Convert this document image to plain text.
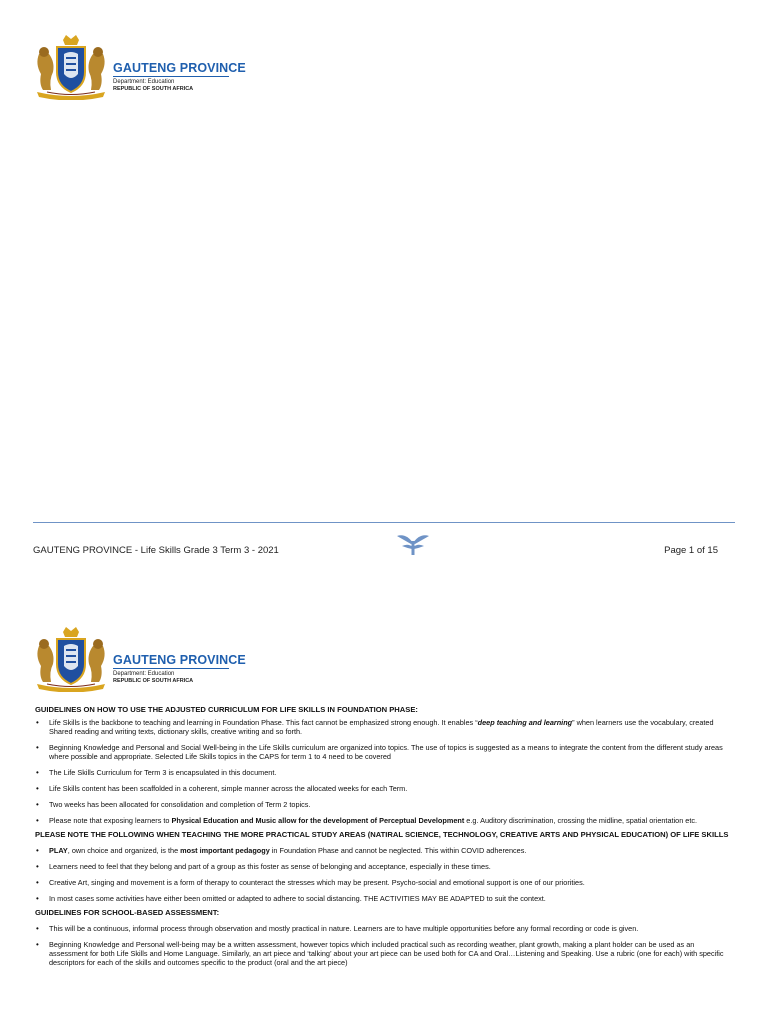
GAUTENG PROVINCE
Department: Education
REPUBLIC OF SOUTH AFRICA
GAUTENG PROVINCE - Life Skills Grade 3 Term 3 - 2021	Page 1 of 15
GAUTENG PROVINCE
Department: Education
REPUBLIC OF SOUTH AFRICA
GUIDELINES ON HOW TO USE THE ADJUSTED CURRICULUM FOR LIFE SKILLS IN FOUNDATION PHASE:
• Life Skills is the backbone to teaching and learning in Foundation Phase. This fact cannot be emphasized strong enough. It enables “deep teaching and learning” when learners use the vocabulary, created Shared reading and writing texts, dictionary skills, creative writing and so forth.
• Beginning Knowledge and Personal and Social Well-being in the Life Skills curriculum are organized into topics. The use of topics is suggested as a means to integrate the content from the different study areas where possible and appropriate. Selected Life Skills topics in the CAPS for term 1 to 4 need to be covered
• The Life Skills Curriculum for Term 3 is encapsulated in this document.
• Life Skills content has been scaffolded in a coherent, simple manner across the allocated weeks for each Term.
• Two weeks has been allocated for consolidation and completion of Term 2 topics.
• Please note that exposing learners to Physical Education and Music allow for the development of Perceptual Development e.g. Auditory discrimination, crossing the midline, spatial orientation etc.
PLEASE NOTE THE FOLLOWING WHEN TEACHING THE MORE PRACTICAL STUDY AREAS (NATIRAL SCIENCE, TECHNOLOGY, CREATIVE ARTS AND PHYSICAL EDUCATION) OF LIFE SKILLS
• PLAY, own choice and organized, is the most important pedagogy in Foundation Phase and cannot be neglected. This within COVID adherences.
• Learners need to feel that they belong and part of a group as this foster as sense of belonging and acceptance, especially in these times.
• Creative Art, singing and movement is a form of therapy to counteract the stresses which may be present. Psycho-social and emotional support is one of our priorities.
• In most cases some activities have either been omitted or adapted to adhere to social distancing. THE ACTIVITIES MAY BE ADAPTED to suit the context.
GUIDELINES FOR SCHOOL-BASED ASSESSMENT:
• This will be a continuous, informal process through observation and mostly practical in nature. Learners are to have multiple opportunities before any formal recording or code is given.
• Beginning Knowledge and Personal well-being may be a written assessment, however topics which included practical such as recording weather, plant growth, making a plant holder can be used as an assessment for both Life Skills and Home Language. Similarly, an art piece and ‘talking’ about your art piece can be used both for CA and Oral…Listening and Speaking. Use a rubric (one for each) with specific descriptors for each of the skills and outcomes specific to the product (oral and the art piece)
